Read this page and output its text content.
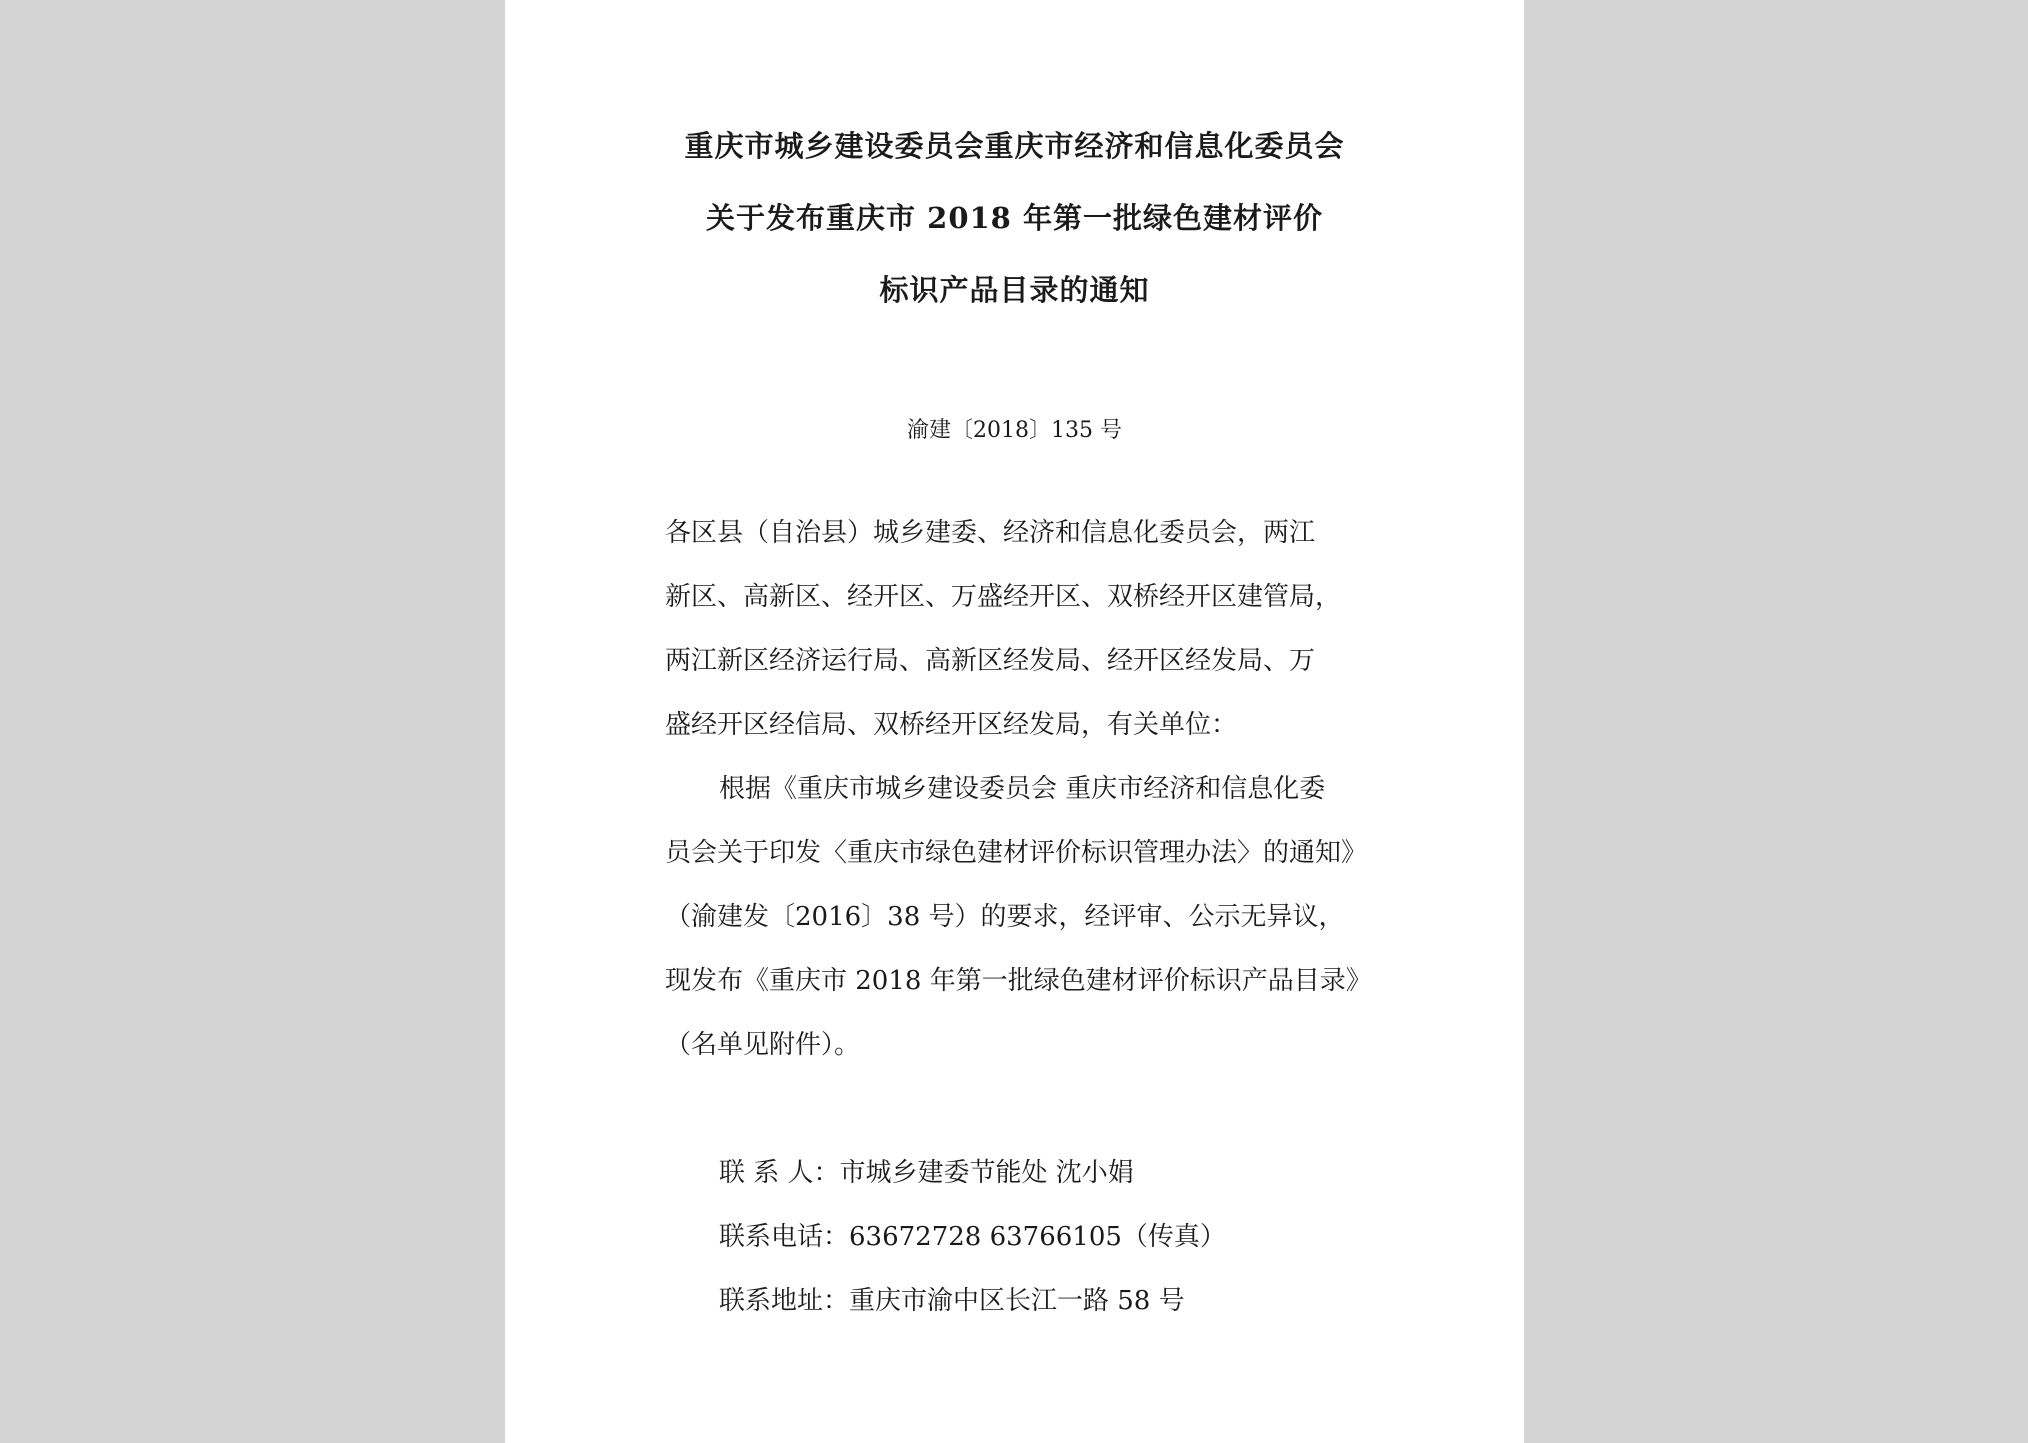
重庆市城乡建设委员会重庆市经济和信息化委员会
关于发布重庆市 2018 年第一批绿色建材评价
标识产品目录的通知
渝建〔2018〕135 号
各区县（自治县）城乡建委、经济和信息化委员会，两江
新区、高新区、经开区、万盛经开区、双桥经开区建管局，
两江新区经济运行局、高新区经发局、经开区经发局、万
盛经开区经信局、双桥经开区经发局，有关单位：
根据《重庆市城乡建设委员会 重庆市经济和信息化委
员会关于印发〈重庆市绿色建材评价标识管理办法〉的通知》
（渝建发〔2016〕38 号）的要求，经评审、公示无异议，
现发布《重庆市 2018 年第一批绿色建材评价标识产品目录》
（名单见附件）。
联 系 人：市城乡建委节能处 沈小娟
联系电话：63672728 63766105（传真）
联系地址：重庆市渝中区长江一路 58 号
